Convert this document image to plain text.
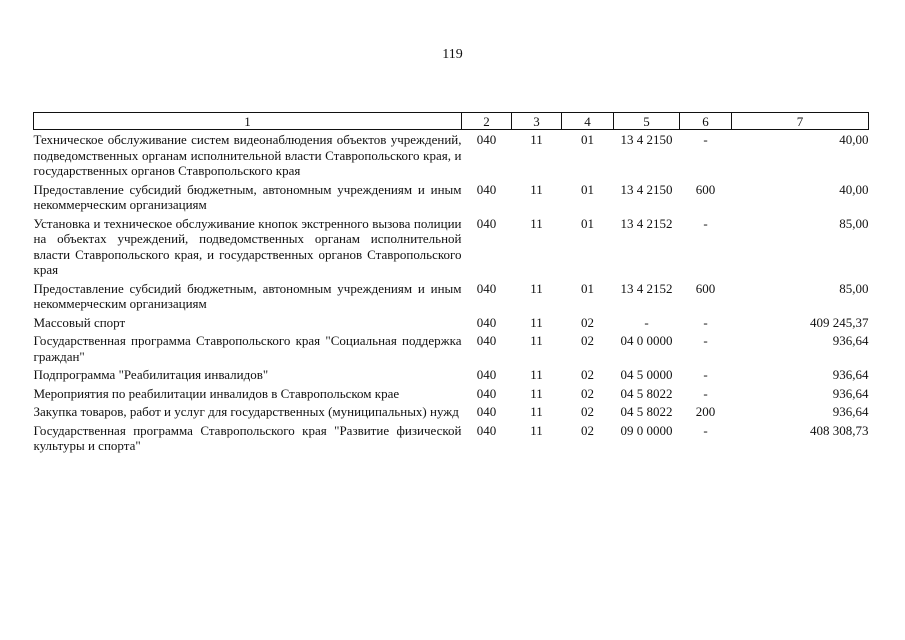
119
1	2	3	4	5	6	7
Техническое обслуживание систем видеонаблюдения объектов учреждений, подведомственных органам исполнительной власти Ставропольского края, и государственных органов Ставропольского края	040	11	01	13 4 2150	-	40,00
Предоставление субсидий бюджетным, автономным учреждениям и иным некоммерческим организациям	040	11	01	13 4 2150	600	40,00
Установка и техническое обслуживание кнопок экстренного вызова полиции на объектах учреждений, подведомственных органам исполнительной власти Ставропольского края, и государственных органов Ставропольского края	040	11	01	13 4 2152	-	85,00
Предоставление субсидий бюджетным, автономным учреждениям и иным некоммерческим организациям	040	11	01	13 4 2152	600	85,00
Массовый спорт	040	11	02	-	-	409 245,37
Государственная программа Ставропольского края "Социальная поддержка граждан"	040	11	02	04 0 0000	-	936,64
Подпрограмма "Реабилитация инвалидов"	040	11	02	04 5 0000	-	936,64
Мероприятия по реабилитации инвалидов в Ставропольском крае	040	11	02	04 5 8022	-	936,64
Закупка товаров, работ и услуг для государственных (муниципальных) нужд	040	11	02	04 5 8022	200	936,64
Государственная программа Ставропольского края "Развитие физической культуры и спорта"	040	11	02	09 0 0000	-	408 308,73
